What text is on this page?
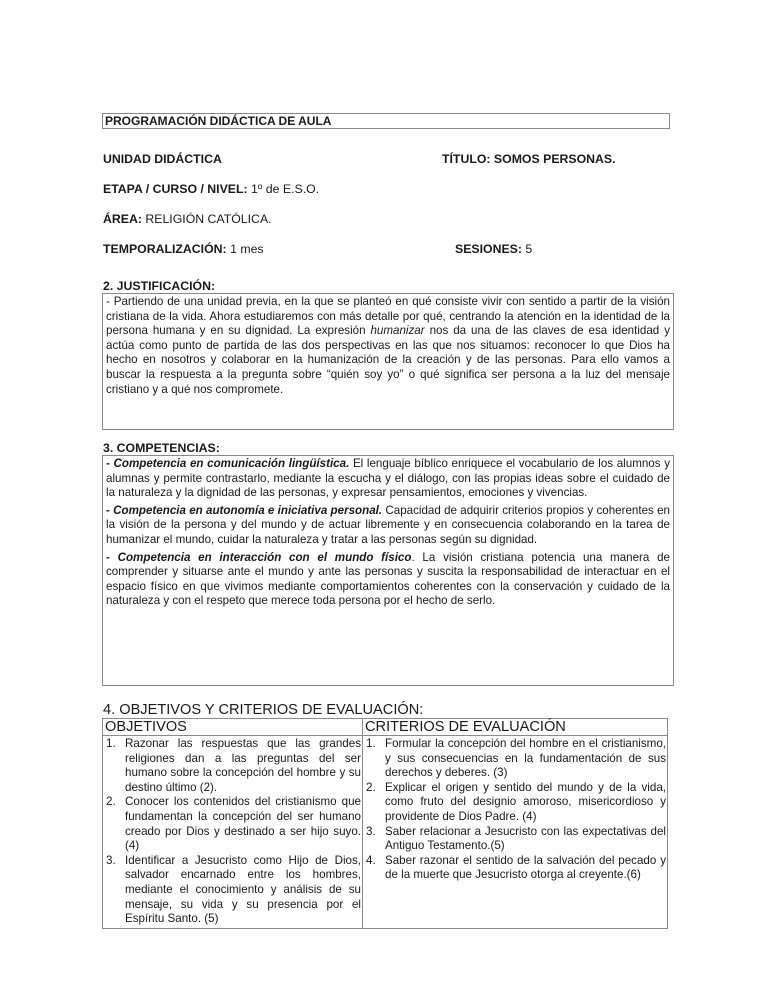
PROGRAMACIÓN DIDÁCTICA DE AULA
UNIDAD DIDÁCTICA	TÍTULO: SOMOS PERSONAS.
ETAPA / CURSO / NIVEL: 1º de E.S.O.
ÁREA: RELIGIÓN CATÓLICA.
TEMPORALIZACIÓN: 1 mes	SESIONES: 5
2. JUSTIFICACIÓN:

- Partiendo de una unidad previa, en la que se planteó en qué consiste vivir con sentido a partir de la visión cristiana de la vida. Ahora estudiaremos con más detalle por qué, centrando la atención en la identidad de la persona humana y en su dignidad. La expresión humanizar nos da una de las claves de esa identidad y actúa como punto de partida de las dos perspectivas en las que nos situamos: reconocer lo que Dios ha hecho en nosotros y colaborar en la humanización de la creación y de las personas. Para ello vamos a buscar la respuesta a la pregunta sobre “quién soy yo” o qué significa ser persona a la luz del mensaje cristiano y a qué nos compromete.

3. COMPETENCIAS:

- Competencia en comunicación lingüística. El lenguaje bíblico enriquece el vocabulario de los alumnos y alumnas y permite contrastarlo, mediante la escucha y el diálogo, con las propias ideas sobre el cuidado de la naturaleza y la dignidad de las personas, y expresar pensamientos, emociones y vivencias.

- Competencia en autonomía e iniciativa personal. Capacidad de adquirir criterios propios y coherentes en la visión de la persona y del mundo y de actuar libremente y en consecuencia colaborando en la tarea de humanizar el mundo, cuidar la naturaleza y tratar a las personas según su dignidad.

- Competencia en interacción con el mundo físico. La visión cristiana potencia una manera de comprender y situarse ante el mundo y ante las personas y suscita la responsabilidad de interactuar en el espacio físico en que vivimos mediante comportamientos coherentes con la conservación y cuidado de la naturaleza y con el respeto que merece toda persona por el hecho de serlo.

4. OBJETIVOS Y CRITERIOS DE EVALUACIÓN:
OBJETIVOS	CRITERIOS DE EVALUACIÓN

1. Razonar las respuestas que las grandes religiones dan a las preguntas del ser humano sobre la concepción del hombre y su destino último (2).
2. Conocer los contenidos del cristianismo que fundamentan la concepción del ser humano creado por Dios y destinado a ser hijo suyo. (4)
3. Identificar a Jesucristo como Hijo de Dios, salvador encarnado entre los hombres, mediante el conocimiento y análisis de su mensaje, su vida y su presencia por el Espíritu Santo. (5)

1. Formular la concepción del hombre en el cristianismo, y sus consecuencias en la fundamentación de sus derechos y deberes. (3)
2. Explicar el origen y sentido del mundo y de la vida, como fruto del designio amoroso, misericordioso y providente de Dios Padre. (4)
3. Saber relacionar a Jesucristo con las expectativas del Antiguo Testamento.(5)
4. Saber razonar el sentido de la salvación del pecado y de la muerte que Jesucristo otorga al creyente.(6)
